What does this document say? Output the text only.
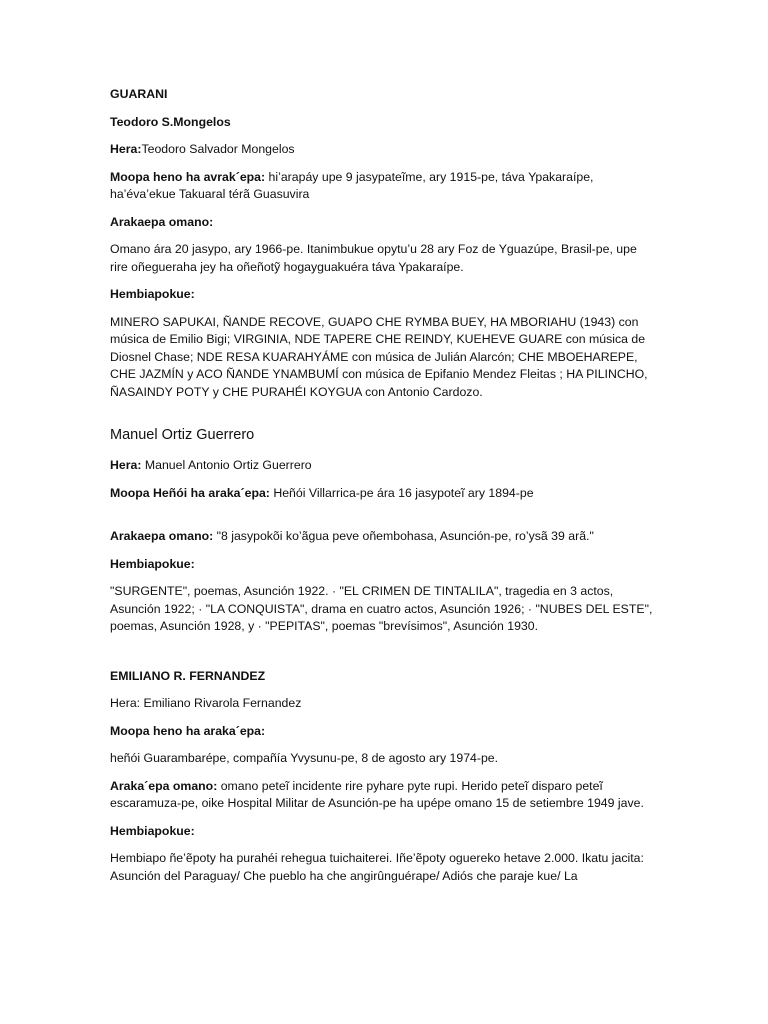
GUARANI

Teodoro S.Mongelos

Hera:Teodoro Salvador Mongelos

Moopa heno ha avrak´epa: hi’arapáy upe 9 jasypateĩme, ary 1915-pe, táva Ypakaraípe, ha’éva’ekue Takuaral térã Guasuvira

Arakaepa omano:

Omano ára 20 jasypo, ary 1966-pe. Itanimbukue opytu’u 28 ary Foz de Yguazúpe, Brasil-pe, upe rire oñegueraha jey ha oñeñotỹ hogayguakuéra táva Ypakaraípe.

Hembiapokue:

MINERO SAPUKAI, ÑANDE RECOVE, GUAPO CHE RYMBA BUEY, HA MBORIAHU (1943) con música de Emilio Bigi; VIRGINIA, NDE TAPERE CHE REINDY, KUEHEVE GUARE con música de Diosnel Chase; NDE RESA KUARAHYÁME con música de Julián Alarcón; CHE MBOEHAREPE, CHE JAZMÍN y ACO ÑANDE YNAMBUMÍ con música de Epifanio Mendez Fleitas ; HA PILINCHO, ÑASAINDY POTY y CHE PURAHÉI KOYGUA con Antonio Cardozo.

Manuel Ortiz Guerrero

Hera: Manuel Antonio Ortiz Guerrero

Moopa Heñói ha araka´epa: Heñói Villarrica-pe ára 16 jasypoteĩ ary 1894-pe

Arakaepa omano: "8 jasypokõi ko’ãgua peve oñembohasa, Asunción-pe, ro’ysã 39 arã."

Hembiapokue:

"SURGENTE", poemas, Asunción 1922. · "EL CRIMEN DE TINTALILA", tragedia en 3 actos, Asunción 1922; · "LA CONQUISTA", drama en cuatro actos, Asunción 1926; · "NUBES DEL ESTE", poemas, Asunción 1928, y · "PEPITAS", poemas "brevísimos", Asunción 1930.

EMILIANO R. FERNANDEZ

Hera: Emiliano Rivarola Fernandez

Moopa heno ha araka´epa:

heñói Guarambarépe, compañía Yvysunu-pe, 8 de agosto ary 1974-pe.

Araka´epa omano: omano peteĩ incidente rire pyhare pyte rupi. Herido peteĩ disparo peteĩ escaramuza-pe, oike Hospital Militar de Asunción-pe ha upépe omano 15 de setiembre 1949 jave.

Hembiapokue:

Hembiapo ñe’ẽpoty ha purahéi rehegua tuichaiterei. Iñe’ẽpoty oguereko hetave 2.000. Ikatu jacita: Asunción del Paraguay/ Che pueblo ha che angirûnguérape/ Adiós che paraje kue/ La
